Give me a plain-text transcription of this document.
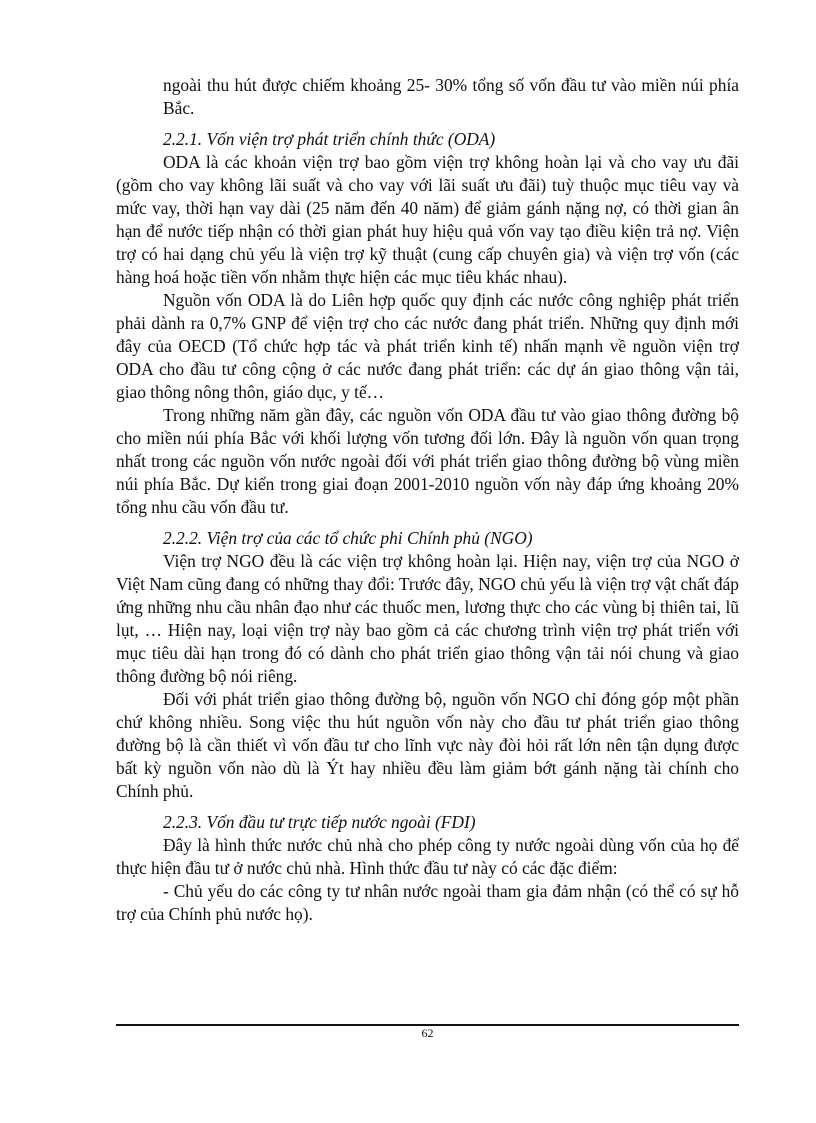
ngoài thu hút được chiếm khoảng 25- 30% tổng số vốn đầu tư vào miền núi phía Bắc.

2.2.1. Vốn viện trợ phát triển chính thức (ODA)

ODA là các khoản viện trợ bao gồm viện trợ không hoàn lại và cho vay ưu đãi (gồm cho vay không lãi suất và cho vay với lãi suất ưu đãi) tuỳ thuộc mục tiêu vay và mức vay, thời hạn vay dài (25 năm đến 40 năm) để giảm gánh nặng nợ, có thời gian ân hạn để nước tiếp nhận có thời gian phát huy hiệu quả vốn vay tạo điều kiện trả nợ. Viện trợ có hai dạng chủ yếu là viện trợ kỹ thuật (cung cấp chuyên gia) và viện trợ vốn (các hàng hoá hoặc tiền vốn nhằm thực hiện các mục tiêu khác nhau).

Nguồn vốn ODA là do Liên hợp quốc quy định các nước công nghiệp phát triển phải dành ra 0,7% GNP để viện trợ cho các nước đang phát triển. Những quy định mới đây của OECD (Tổ chức hợp tác và phát triển kinh tế) nhấn mạnh về nguồn viện trợ ODA cho đầu tư công cộng ở các nước đang phát triển: các dự án giao thông vận tải, giao thông nông thôn, giáo dục, y tế…

Trong những năm gần đây, các nguồn vốn ODA đầu tư vào giao thông đường bộ cho miền núi phía Bắc với khối lượng vốn tương đối lớn. Đây là nguồn vốn quan trọng nhất trong các nguồn vốn nước ngoài đối với phát triển giao thông đường bộ vùng miền núi phía Bắc. Dự kiến trong giai đoạn 2001-2010 nguồn vốn này đáp ứng khoảng 20% tổng nhu cầu vốn đầu tư.

2.2.2. Viện trợ của các tổ chức phi Chính phủ (NGO)

Viện trợ NGO đều là các viện trợ không hoàn lại. Hiện nay, viện trợ của NGO ở Việt Nam cũng đang có những thay đổi: Trước đây, NGO chủ yếu là viện trợ vật chất đáp ứng những nhu cầu nhân đạo như các thuốc men, lương thực cho các vùng bị thiên tai, lũ lụt, … Hiện nay, loại viện trợ này bao gồm cả các chương trình viện trợ phát triển với mục tiêu dài hạn trong đó có dành cho phát triển giao thông vận tải nói chung và giao thông đường bộ nói riêng.

Đối với phát triển giao thông đường bộ, nguồn vốn NGO chỉ đóng góp một phần chứ không nhiều. Song việc thu hút nguồn vốn này cho đầu tư phát triển giao thông đường bộ là cần thiết vì vốn đầu tư cho lĩnh vực này đòi hỏi rất lớn nên tận dụng được bất kỳ nguồn vốn nào dù là Ýt hay nhiều đều làm giảm bớt gánh nặng tài chính cho Chính phủ.

2.2.3. Vốn đầu tư trực tiếp nước ngoài (FDI)

Đây là hình thức nước chủ nhà cho phép công ty nước ngoài dùng vốn của họ để thực hiện đầu tư ở nước chủ nhà. Hình thức đầu tư này có các đặc điểm:

- Chủ yếu do các công ty tư nhân nước ngoài tham gia đảm nhận (có thể có sự hỗ trợ của Chính phủ nước họ).

62
